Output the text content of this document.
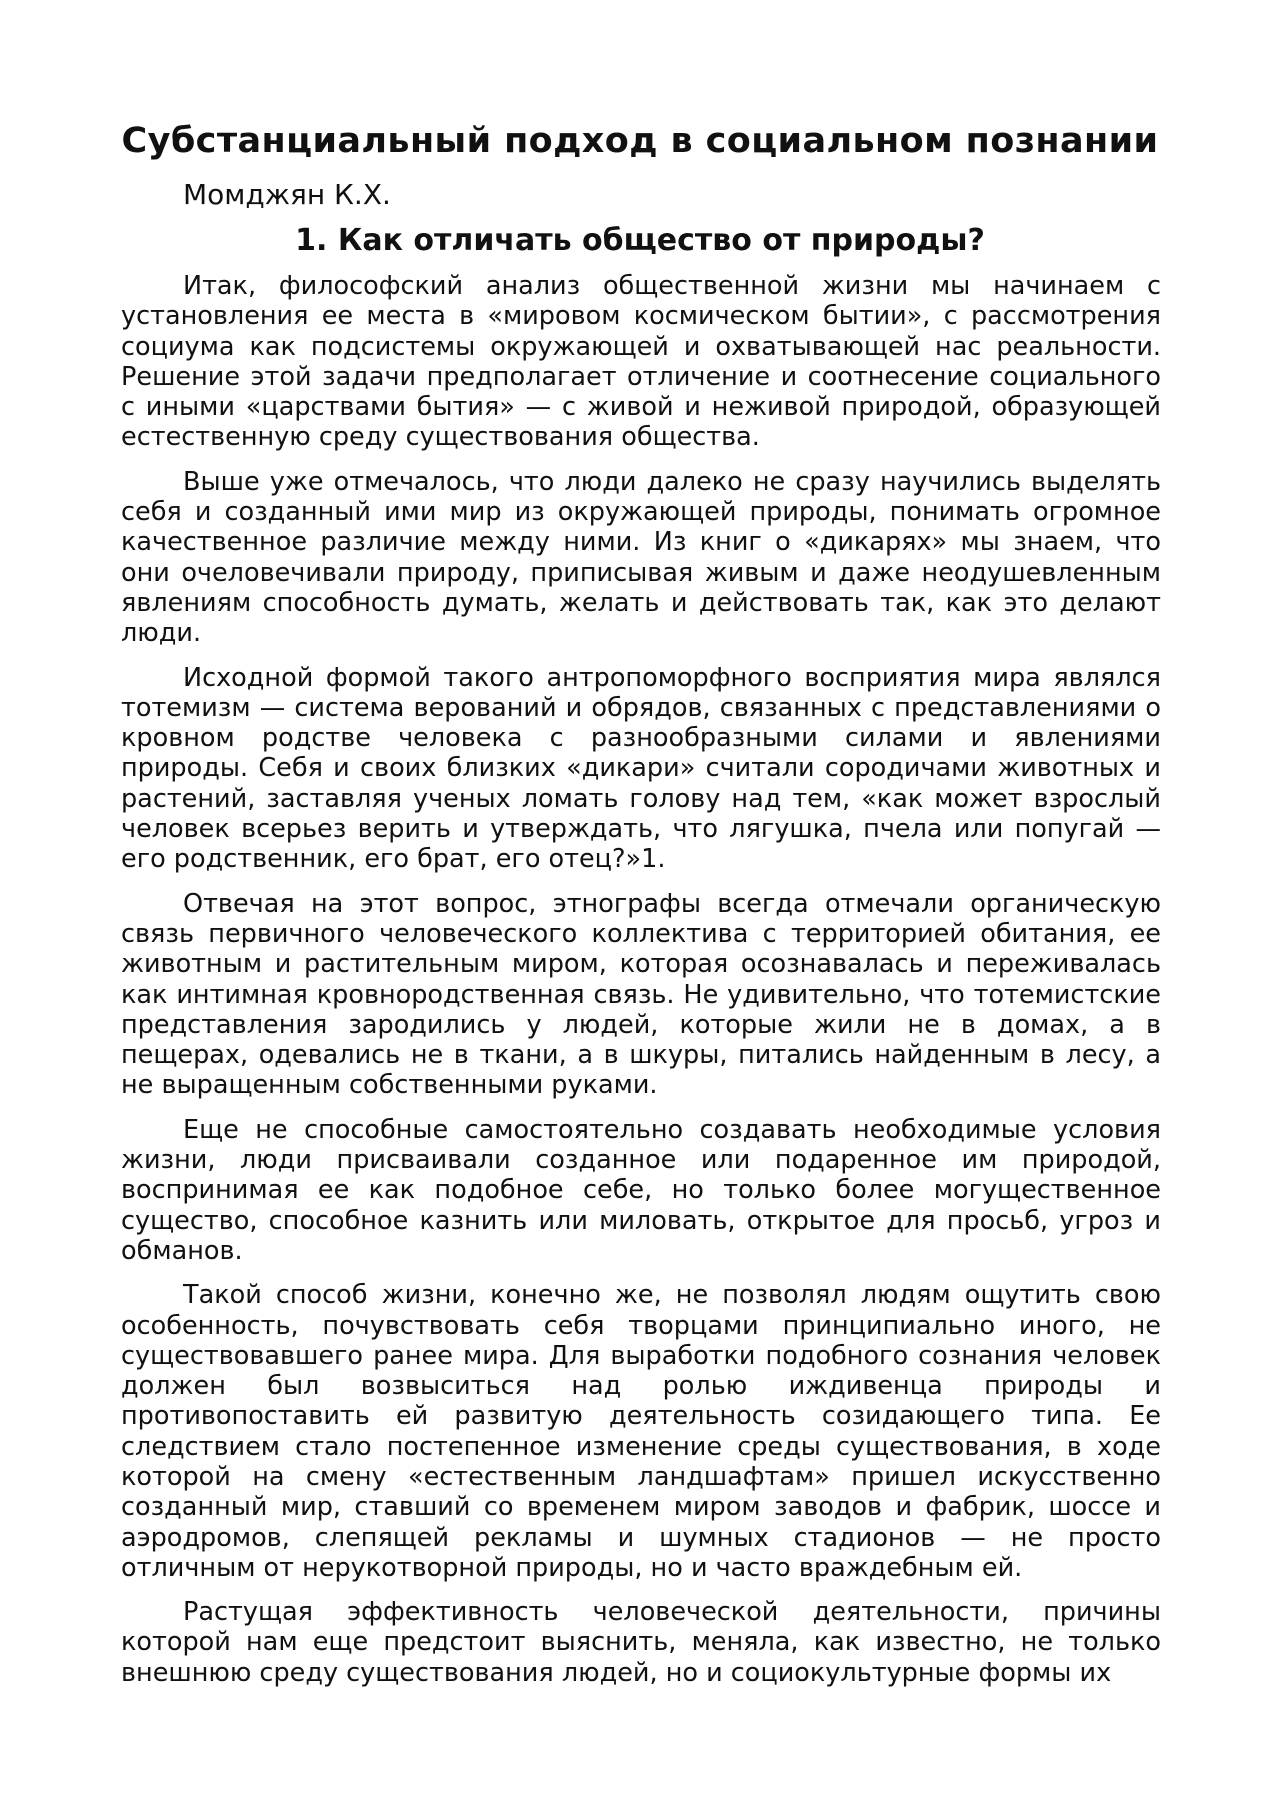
Субстанциальный подход в социальном познании

Момджян К.Х.

1. Как отличать общество от природы?

Итак, философский анализ общественной жизни мы начинаем с установления ее места в «мировом космическом бытии», с рассмотрения социума как подсистемы окружающей и охватывающей нас реальности. Решение этой задачи предполагает отличение и соотнесение социального с иными «царствами бытия» — с живой и неживой природой, образующей естественную среду существования общества.

Выше уже отмечалось, что люди далеко не сразу научились выделять себя и созданный ими мир из окружающей природы, понимать огромное качественное различие между ними. Из книг о «дикарях» мы знаем, что они очеловечивали природу, приписывая живым и даже неодушевленным явлениям способность думать, желать и действовать так, как это делают люди.

Исходной формой такого антропоморфного восприятия мира являлся тотемизм — система верований и обрядов, связанных с представлениями о кровном родстве человека с разнообразными силами и явлениями природы. Себя и своих близких «дикари» считали сородичами животных и растений, заставляя ученых ломать голову над тем, «как может взрослый человек всерьез верить и утверждать, что лягушка, пчела или попугай — его родственник, его брат, его отец?»1.

Отвечая на этот вопрос, этнографы всегда отмечали органическую связь первичного человеческого коллектива с территорией обитания, ее животным и растительным миром, которая осознавалась и переживалась как интимная кровнородственная связь. Не удивительно, что тотемистские представления зародились у людей, которые жили не в домах, а в пещерах, одевались не в ткани, а в шкуры, питались найденным в лесу, а не выращенным собственными руками.

Еще не способные самостоятельно создавать необходимые условия жизни, люди присваивали созданное или подаренное им природой, воспринимая ее как подобное себе, но только более могущественное существо, способное казнить или миловать, открытое для просьб, угроз и обманов.

Такой способ жизни, конечно же, не позволял людям ощутить свою особенность, почувствовать себя творцами принципиально иного, не существовавшего ранее мира. Для выработки подобного сознания человек должен был возвыситься над ролью иждивенца природы и противопоставить ей развитую деятельность созидающего типа. Ее следствием стало постепенное изменение среды существования, в ходе которой на смену «естественным ландшафтам» пришел искусственно созданный мир, ставший со временем миром заводов и фабрик, шоссе и аэродромов, слепящей рекламы и шумных стадионов — не просто отличным от нерукотворной природы, но и часто враждебным ей.

Растущая эффективность человеческой деятельности, причины которой нам еще предстоит выяснить, меняла, как известно, не только внешнюю среду существования людей, но и социокультурные формы их
